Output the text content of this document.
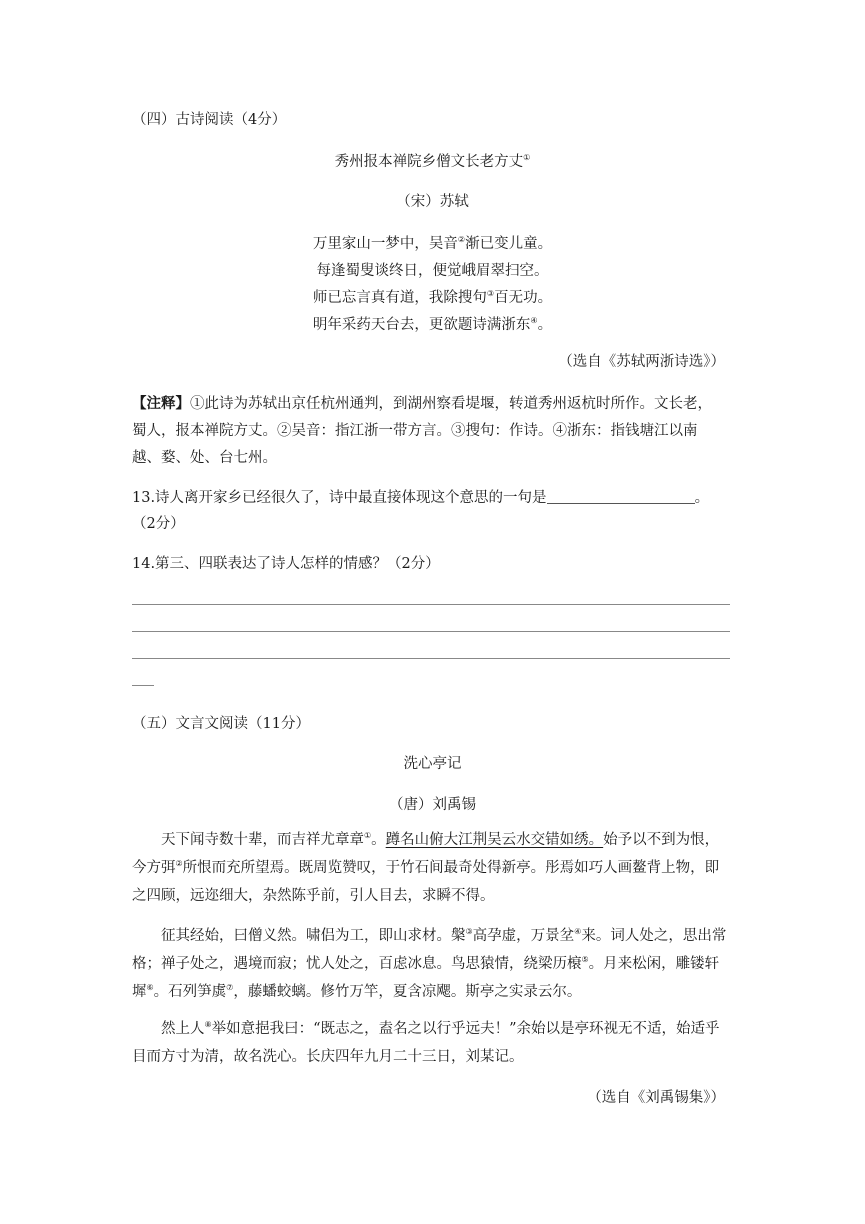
（四）古诗阅读（4分）
秀州报本禅院乡僧文长老方丈①
（宋）苏轼
万里家山一梦中，吴音②渐已变儿童。
每逢蜀叟谈终日，便觉峨眉翠扫空。
师已忘言真有道，我除搜句③百无功。
明年采药天台去，更欲题诗满浙东④。
（选自《苏轼两浙诗选》）
【注释】①此诗为苏轼出京任杭州通判，到湖州察看堤堰，转道秀州返杭时所作。文长老，
蜀人，报本禅院方丈。②吴音：指江浙一带方言。③搜句：作诗。④浙东：指钱塘江以南
越、婺、处、台七州。
13.诗人离开家乡已经很久了，诗中最直接体现这个意思的一句是	。
（2分）
14.第三、四联表达了诗人怎样的情感？（2分）
（五）文言文阅读（11分）
洗心亭记
（唐）刘禹锡
天下闻寺数十辈，而吉祥尤章章①。蹲名山俯大江荆吴云水交错如绣。始予以不到为恨，今方弭②所恨而充所望焉。既周览赞叹，于竹石间最奇处得新亭。彤焉如巧人画鳌背上物，即之四顾，远迩细大，杂然陈乎前，引人目去，求瞬不得。
征其经始，曰僧义然。啸侣为工，即山求材。槃③高孕虚，万景坌④来。词人处之，思出常格；禅子处之，遇境而寂；忧人处之，百虑冰息。鸟思猿情，绕梁历榱⑤。月来松闲，雕镂轩墀⑥。石列笋虡⑦，藤蟠蛟螭。修竹万竿，夏含凉飔。斯亭之实录云尔。
然上人⑧举如意挹我曰：“既志之，盍名之以行乎远夫！”余始以是亭环视无不适，始适乎目而方寸为清，故名洗心。长庆四年九月二十三日，刘某记。
（选自《刘禹锡集》）
